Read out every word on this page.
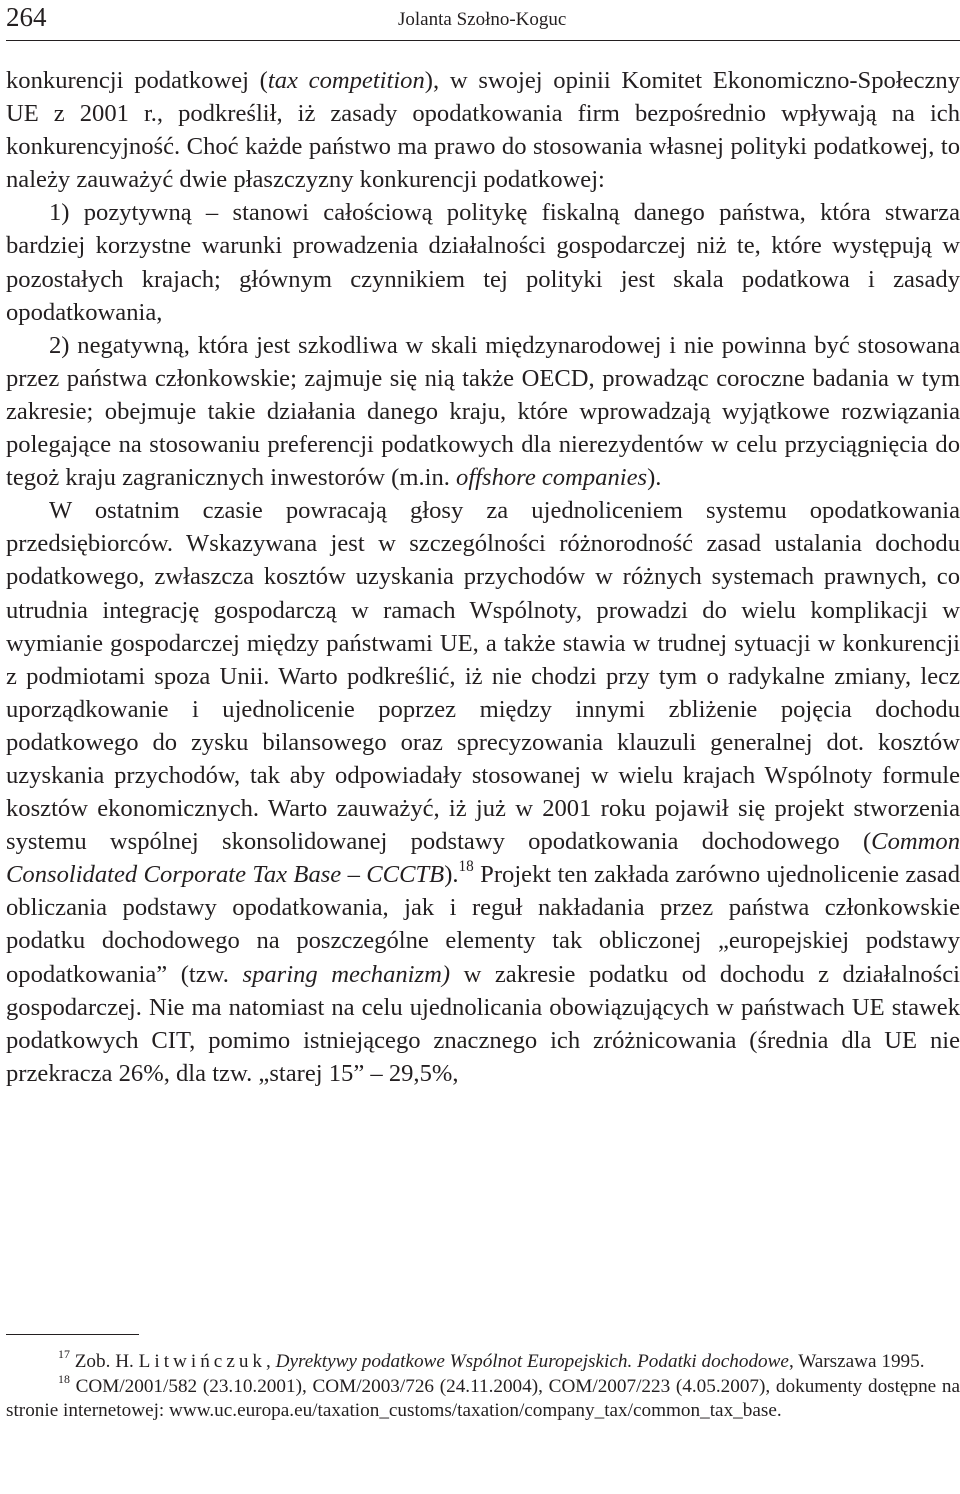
264	Jolanta Szołno-Koguc

konkurencji podatkowej (tax competition), w swojej opinii Komitet Ekonomiczno-Społeczny UE z 2001 r., podkreślił, iż zasady opodatkowania firm bezpośrednio wpływają na ich konkurencyjność. Choć każde państwo ma prawo do stosowania własnej polityki podatkowej, to należy zauważyć dwie płaszczyzny konkurencji podatkowej:

1) pozytywną – stanowi całościową politykę fiskalną danego państwa, która stwarza bardziej korzystne warunki prowadzenia działalności gospodarczej niż te, które występują w pozostałych krajach; głównym czynnikiem tej polityki jest skala podatkowa i zasady opodatkowania,

2) negatywną, która jest szkodliwa w skali międzynarodowej i nie powinna być stosowana przez państwa członkowskie; zajmuje się nią także OECD, prowadząc coroczne badania w tym zakresie; obejmuje takie działania danego kraju, które wprowadzają wyjątkowe rozwiązania polegające na stosowaniu preferencji podatkowych dla nierezydentów w celu przyciągnięcia do tegoż kraju zagranicznych inwestorów (m.in. offshore companies).

W ostatnim czasie powracają głosy za ujednoliceniem systemu opodatkowania przedsiębiorców. Wskazywana jest w szczególności różnorodność zasad ustalania dochodu podatkowego, zwłaszcza kosztów uzyskania przychodów w różnych systemach prawnych, co utrudnia integrację gospodarczą w ramach Wspólnoty, prowadzi do wielu komplikacji w wymianie gospodarczej między państwami UE, a także stawia w trudnej sytuacji w konkurencji z podmiotami spoza Unii. Warto podkreślić, iż nie chodzi przy tym o radykalne zmiany, lecz uporządkowanie i ujednolicenie poprzez między innymi zbliżenie pojęcia dochodu podatkowego do zysku bilansowego oraz sprecyzowania klauzuli generalnej dot. kosztów uzyskania przychodów, tak aby odpowiadały stosowanej w wielu krajach Wspólnoty formule kosztów ekonomicznych. Warto zauważyć, iż już w 2001 roku pojawił się projekt stworzenia systemu wspólnej skonsolidowanej podstawy opodatkowania dochodowego (Common Consolidated Corporate Tax Base – CCCTB).$^{18}$ Projekt ten zakłada zarówno ujednolicenie zasad obliczania podstawy opodatkowania, jak i reguł nakładania przez państwa członkowskie podatku dochodowego na poszczególne elementy tak obliczonej „europejskiej podstawy opodatkowania” (tzw. sparing mechanizm) w zakresie podatku od dochodu z działalności gospodarczej. Nie ma natomiast na celu ujednolicania obowiązujących w państwach UE stawek podatkowych CIT, pomimo istniejącego znacznego ich zróżnicowania (średnia dla UE nie przekracza 26%, dla tzw. „starej 15” – 29,5%,

$^{17}$ Zob. H. Litwińczuk, Dyrektywy podatkowe Wspólnot Europejskich. Podatki dochodowe, Warszawa 1995.

$^{18}$ COM/2001/582 (23.10.2001), COM/2003/726 (24.11.2004), COM/2007/223 (4.05.2007), dokumenty dostępne na stronie internetowej: www.uc.europa.eu/taxation_customs/taxation/company_tax/common_tax_base.
